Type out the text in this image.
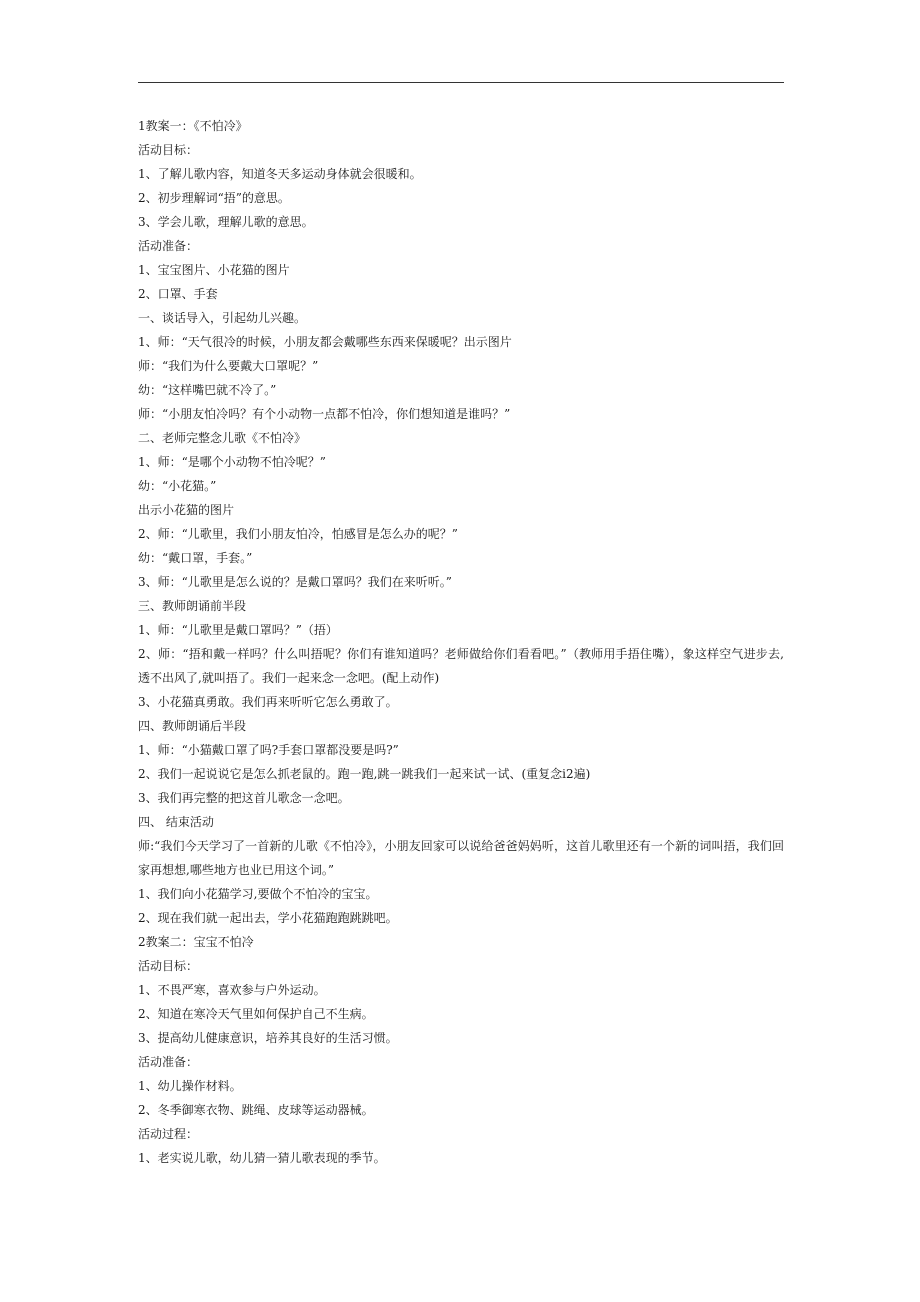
1教案一：《不怕冷》
活动目标：
1、了解儿歌内容，知道冬天多运动身体就会很暖和。
2、初步理解词“捂”的意思。
3、学会儿歌，理解儿歌的意思。
活动准备：
1、宝宝图片、小花猫的图片
2、口罩、手套
一、谈话导入，引起幼儿兴趣。
1、师：“天气很冷的时候，小朋友都会戴哪些东西来保暖呢？出示图片
师：“我们为什么要戴大口罩呢？”
幼：“这样嘴巴就不冷了。”
师：“小朋友怕冷吗？有个小动物一点都不怕冷，你们想知道是谁吗？”
二、老师完整念儿歌《不怕冷》
1、师：“是哪个小动物不怕冷呢？”
幼：“小花猫。”
出示小花猫的图片
2、师：“儿歌里，我们小朋友怕冷，怕感冒是怎么办的呢？”
幼：“戴口罩，手套。”
3、师：“儿歌里是怎么说的？是戴口罩吗？我们在来听听。”
三、教师朗诵前半段
1、师：“儿歌里是戴口罩吗？”（捂）
2、师：“捂和戴一样吗？什么叫捂呢？你们有谁知道吗？老师做给你们看看吧。”（教师用手捂住嘴），象这样空气进步去,透不出风了,就叫捂了。我们一起来念一念吧。(配上动作)
3、小花猫真勇敢。我们再来听听它怎么勇敢了。
四、教师朗诵后半段
1、师：“小猫戴口罩了吗?手套口罩都没要是吗?”
2、我们一起说说它是怎么抓老鼠的。跑一跑,跳一跳我们一起来试一试、(重复念i2遍)
3、我们再完整的把这首儿歌念一念吧。
四、 结束活动
师:“我们今天学习了一首新的儿歌《不怕冷》，小朋友回家可以说给爸爸妈妈听，这首儿歌里还有一个新的词叫捂，我们回家再想想,哪些地方也业已用这个词。”
1、我们向小花猫学习,要做个不怕冷的宝宝。
2、现在我们就一起出去，学小花猫跑跑跳跳吧。
2教案二：宝宝不怕冷
活动目标：
1、不畏严寒，喜欢参与户外运动。
2、知道在寒冷天气里如何保护自己不生病。
3、提高幼儿健康意识，培养其良好的生活习惯。
活动准备：
1、幼儿操作材料。
2、冬季御寒衣物、跳绳、皮球等运动器械。
活动过程：
1、老实说儿歌，幼儿猜一猜儿歌表现的季节。
